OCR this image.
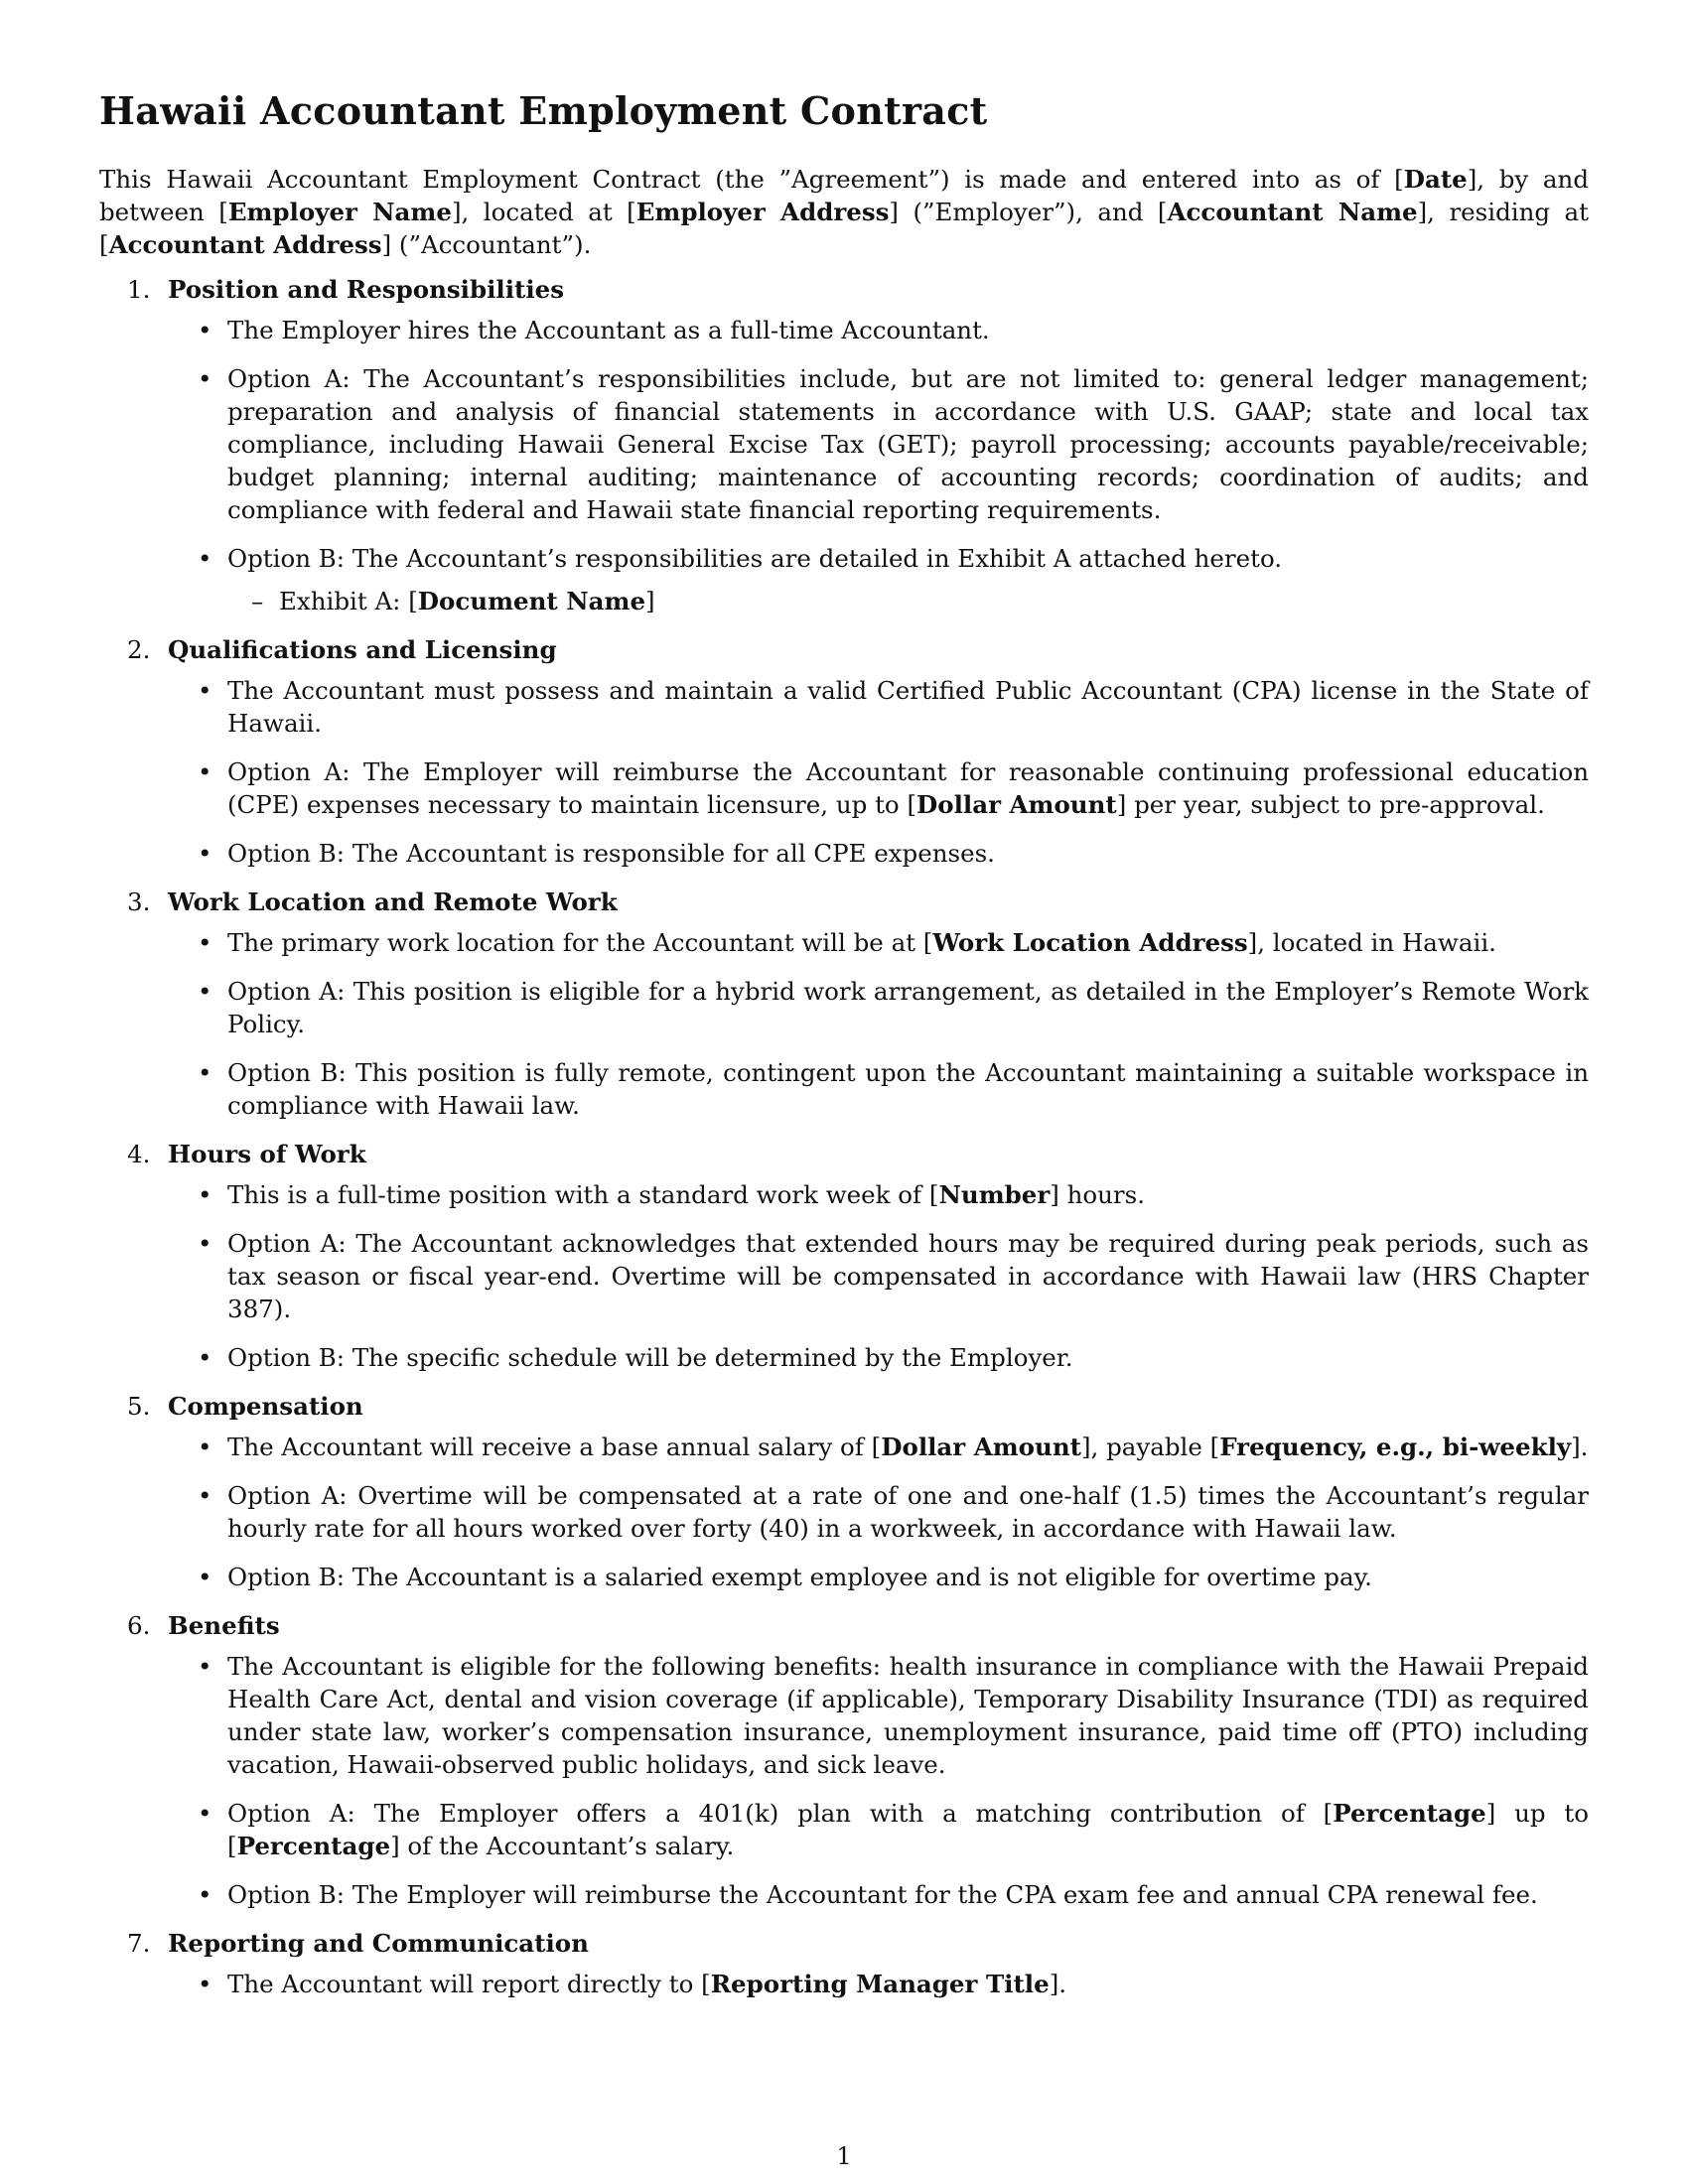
Hawaii Accountant Employment Contract

This Hawaii Accountant Employment Contract (the ”Agreement”) is made and entered into as of [Date], by and between [Employer Name], located at [Employer Address] (”Employer”), and [Accountant Name], residing at [Accountant Address] (”Accountant”).

1. Position and Responsibilities
• The Employer hires the Accountant as a full-time Accountant.
• Option A: The Accountant’s responsibilities include, but are not limited to: general ledger management; preparation and analysis of financial statements in accordance with U.S. GAAP; state and local tax compliance, including Hawaii General Excise Tax (GET); payroll processing; accounts payable/receivable; budget planning; internal auditing; maintenance of accounting records; coordination of audits; and compliance with federal and Hawaii state financial reporting requirements.
• Option B: The Accountant’s responsibilities are detailed in Exhibit A attached hereto.
– Exhibit A: [Document Name]
2. Qualifications and Licensing
• The Accountant must possess and maintain a valid Certified Public Accountant (CPA) license in the State of Hawaii.
• Option A: The Employer will reimburse the Accountant for reasonable continuing professional education (CPE) expenses necessary to maintain licensure, up to [Dollar Amount] per year, subject to pre-approval.
• Option B: The Accountant is responsible for all CPE expenses.
3. Work Location and Remote Work
• The primary work location for the Accountant will be at [Work Location Address], located in Hawaii.
• Option A: This position is eligible for a hybrid work arrangement, as detailed in the Employer’s Remote Work Policy.
• Option B: This position is fully remote, contingent upon the Accountant maintaining a suitable workspace in compliance with Hawaii law.
4. Hours of Work
• This is a full-time position with a standard work week of [Number] hours.
• Option A: The Accountant acknowledges that extended hours may be required during peak periods, such as tax season or fiscal year-end. Overtime will be compensated in accordance with Hawaii law (HRS Chapter 387).
• Option B: The specific schedule will be determined by the Employer.
5. Compensation
• The Accountant will receive a base annual salary of [Dollar Amount], payable [Frequency, e.g., bi-weekly].
• Option A: Overtime will be compensated at a rate of one and one-half (1.5) times the Accountant’s regular hourly rate for all hours worked over forty (40) in a workweek, in accordance with Hawaii law.
• Option B: The Accountant is a salaried exempt employee and is not eligible for overtime pay.
6. Benefits
• The Accountant is eligible for the following benefits: health insurance in compliance with the Hawaii Prepaid Health Care Act, dental and vision coverage (if applicable), Temporary Disability Insurance (TDI) as required under state law, worker’s compensation insurance, unemployment insurance, paid time off (PTO) including vacation, Hawaii-observed public holidays, and sick leave.
• Option A: The Employer offers a 401(k) plan with a matching contribution of [Percentage] up to [Percentage] of the Accountant’s salary.
• Option B: The Employer will reimburse the Accountant for the CPA exam fee and annual CPA renewal fee.
7. Reporting and Communication
• The Accountant will report directly to [Reporting Manager Title].
1
